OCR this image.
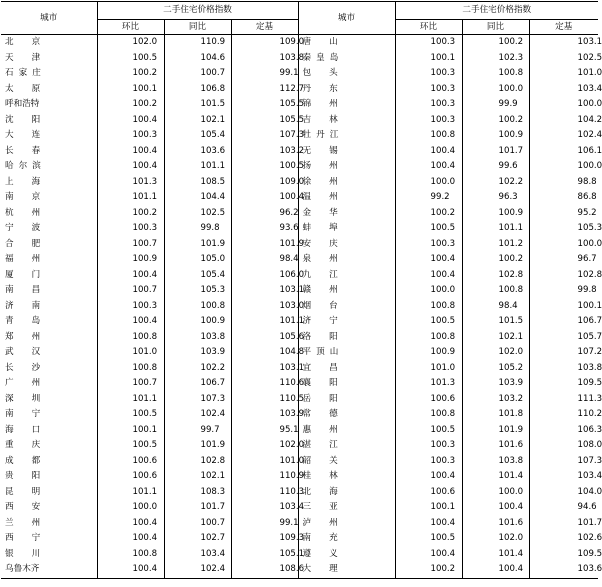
城市	二手住宅价格指数			城市	二手住宅价格指数		
	环比	同比	定基		环比	同比	定基
北京	102.0	110.9	109.0	唐山	100.3	100.2	103.1
天津	100.5	104.6	103.8	秦皇岛	100.1	102.3	102.5
石家庄	100.2	100.7	99.1	包头	100.3	100.8	101.0
太原	100.1	106.8	112.7	丹东	100.3	100.0	103.4
呼和浩特	100.2	101.5	105.5	锦州	100.3	99.9	100.0
沈阳	100.4	102.1	105.5	吉林	100.3	100.2	104.2
大连	100.3	105.4	107.3	牡丹江	100.8	100.9	102.4
长春	100.4	103.6	103.2	无锡	100.4	101.7	106.1
哈尔滨	100.4	101.1	100.5	扬州	100.4	99.6	100.0
上海	101.3	108.5	109.0	徐州	100.0	102.2	98.8
南京	101.1	104.4	100.4	温州	99.2	96.3	86.8
杭州	100.2	102.5	96.2	金华	100.2	100.9	95.2
宁波	100.3	99.8	93.6	蚌埠	100.5	101.1	105.3
合肥	100.7	101.9	101.9	安庆	100.3	101.2	100.0
福州	100.9	105.0	98.4	泉州	100.4	100.2	96.7
厦门	100.4	105.4	106.0	九江	100.4	102.8	102.8
南昌	100.7	105.3	103.1	赣州	100.0	100.8	99.8
济南	100.3	100.8	103.0	烟台	100.8	98.4	100.1
青岛	100.4	100.9	101.1	济宁	100.5	101.5	106.7
郑州	100.8	103.8	105.6	洛阳	100.8	102.1	105.7
武汉	101.0	103.9	104.8	平顶山	100.9	102.0	107.2
长沙	100.8	102.2	103.1	宜昌	101.0	105.2	103.8
广州	100.7	106.7	110.6	襄阳	101.3	103.9	109.5
深圳	101.1	107.3	110.5	岳阳	100.6	103.2	111.3
南宁	100.5	102.4	103.9	常德	100.8	101.8	110.2
海口	100.1	99.7	95.1	惠州	100.5	101.9	106.3
重庆	100.5	101.9	102.0	湛江	100.3	101.6	108.0
成都	100.6	102.8	101.0	韶关	100.3	103.8	107.3
贵阳	100.6	102.1	110.9	桂林	100.4	101.4	103.4
昆明	101.1	108.3	110.3	北海	100.6	100.0	104.0
西安	100.0	101.7	103.4	三亚	100.1	100.4	94.6
兰州	100.4	100.7	99.1	泸州	100.4	101.6	101.7
西宁	100.4	102.7	109.3	南充	100.5	102.0	102.6
银川	100.8	103.4	105.1	遵义	100.4	101.4	109.5
乌鲁木齐	100.4	102.4	108.6	大理	100.2	100.4	103.6
